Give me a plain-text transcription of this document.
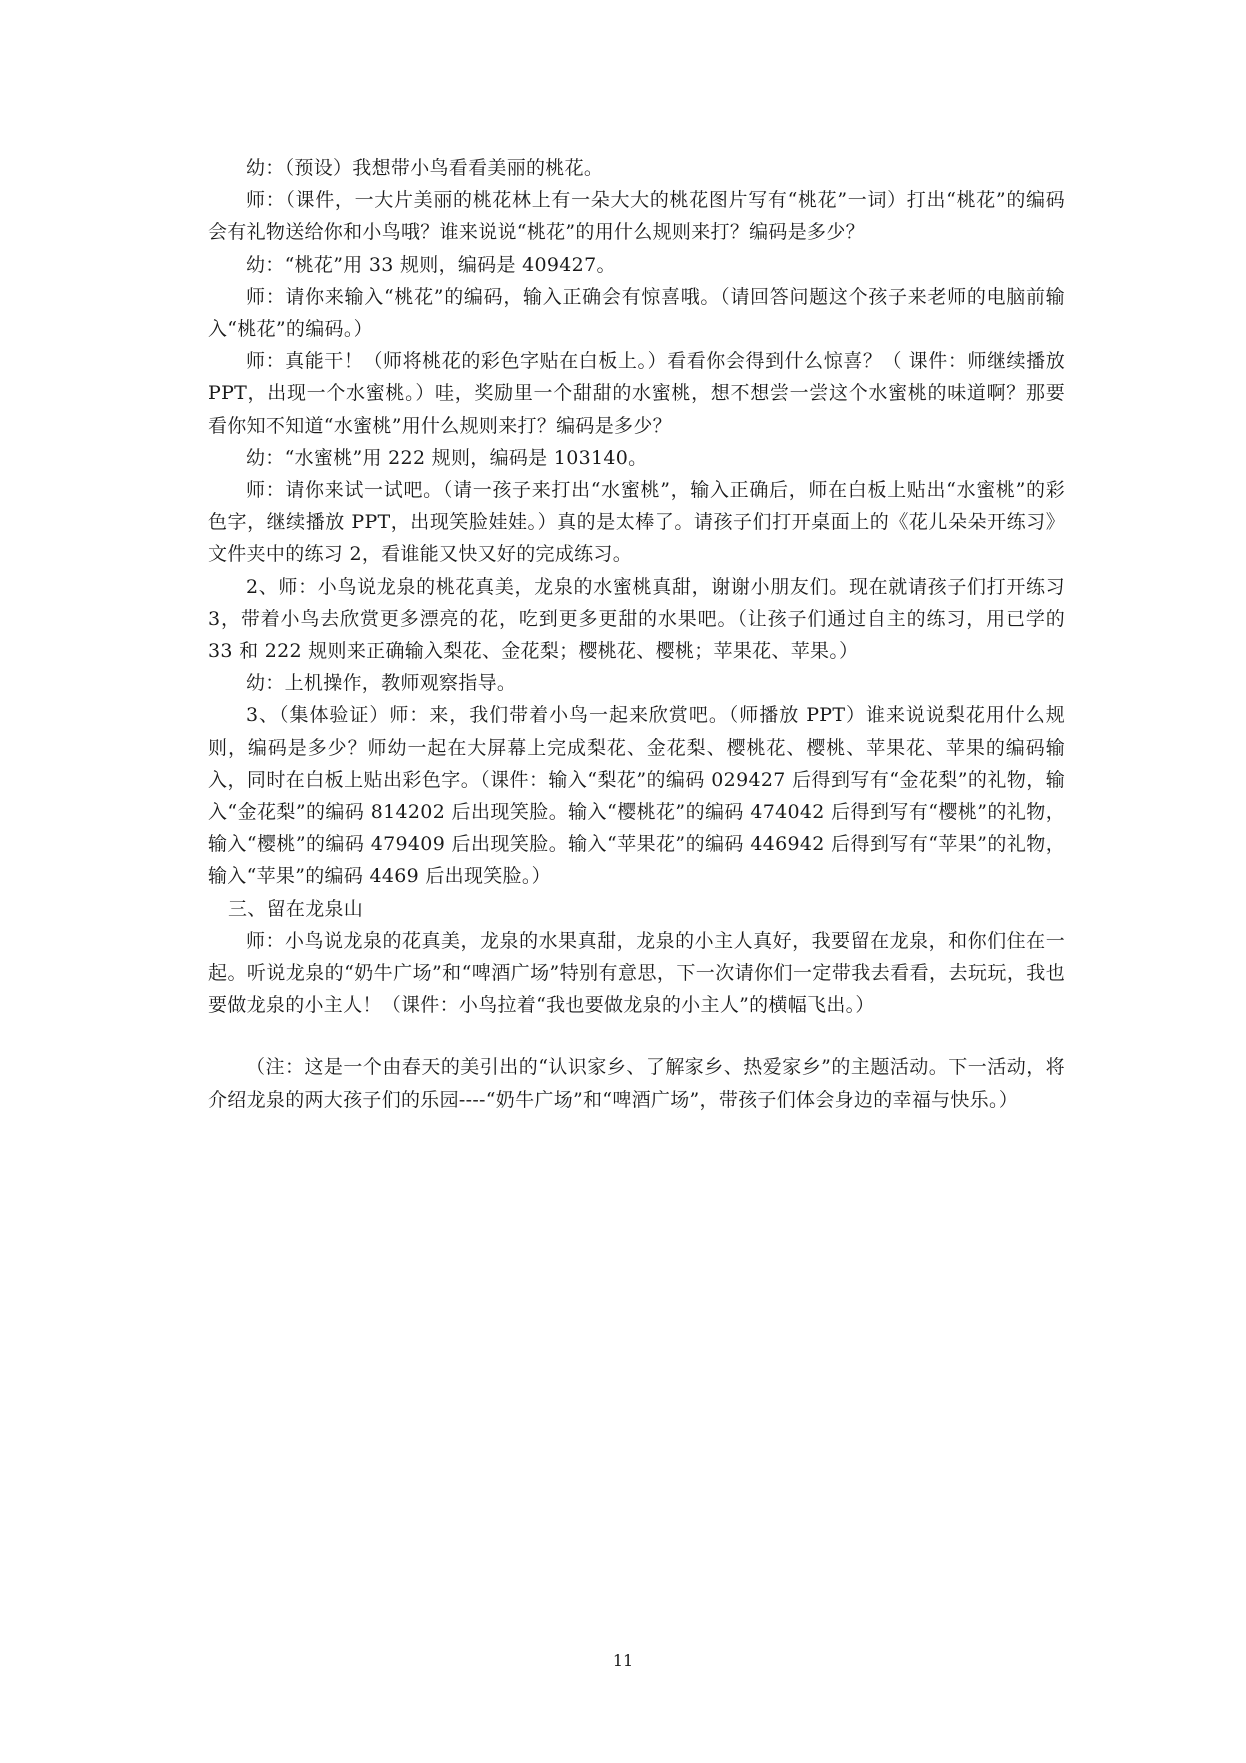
幼：（预设）我想带小鸟看看美丽的桃花。

师：（课件，一大片美丽的桃花林上有一朵大大的桃花图片写有“桃花”一词）打出“桃花”的编码会有礼物送给你和小鸟哦？谁来说说“桃花”的用什么规则来打？编码是多少？

幼：“桃花”用 33 规则，编码是 409427。

师：请你来输入“桃花”的编码，输入正确会有惊喜哦。（请回答问题这个孩子来老师的电脑前输入“桃花”的编码。）

师：真能干！（师将桃花的彩色字贴在白板上。）看看你会得到什么惊喜？（ 课件：师继续播放 PPT，出现一个水蜜桃。）哇，奖励里一个甜甜的水蜜桃，想不想尝一尝这个水蜜桃的味道啊？那要看你知不知道“水蜜桃”用什么规则来打？编码是多少？

幼：“水蜜桃”用 222 规则，编码是 103140。

师：请你来试一试吧。（请一孩子来打出“水蜜桃”，输入正确后，师在白板上贴出“水蜜桃”的彩色字，继续播放 PPT，出现笑脸娃娃。）真的是太棒了。请孩子们打开桌面上的《花儿朵朵开练习》文件夹中的练习 2，看谁能又快又好的完成练习。

2、师：小鸟说龙泉的桃花真美，龙泉的水蜜桃真甜，谢谢小朋友们。现在就请孩子们打开练习 3，带着小鸟去欣赏更多漂亮的花，吃到更多更甜的水果吧。（让孩子们通过自主的练习，用已学的 33 和 222 规则来正确输入梨花、金花梨；樱桃花、樱桃；苹果花、苹果。）

幼：上机操作，教师观察指导。

3、（集体验证）师：来，我们带着小鸟一起来欣赏吧。（师播放 PPT）谁来说说梨花用什么规则，编码是多少？师幼一起在大屏幕上完成梨花、金花梨、樱桃花、樱桃、苹果花、苹果的编码输入，同时在白板上贴出彩色字。（课件：输入“梨花”的编码 029427 后得到写有“金花梨”的礼物，输入“金花梨”的编码 814202 后出现笑脸。输入“樱桃花”的编码 474042 后得到写有“樱桃”的礼物，输入“樱桃”的编码 479409 后出现笑脸。输入“苹果花”的编码 446942 后得到写有“苹果”的礼物，输入“苹果”的编码 4469 后出现笑脸。）

三、留在龙泉山

师：小鸟说龙泉的花真美，龙泉的水果真甜，龙泉的小主人真好，我要留在龙泉，和你们住在一起。听说龙泉的“奶牛广场”和“啤酒广场”特别有意思，下一次请你们一定带我去看看，去玩玩，我也要做龙泉的小主人！（课件：小鸟拉着“我也要做龙泉的小主人”的横幅飞出。）

（注：这是一个由春天的美引出的“认识家乡、了解家乡、热爱家乡”的主题活动。下一活动，将介绍龙泉的两大孩子们的乐园----“奶牛广场”和“啤酒广场”，带孩子们体会身边的幸福与快乐。）

11
